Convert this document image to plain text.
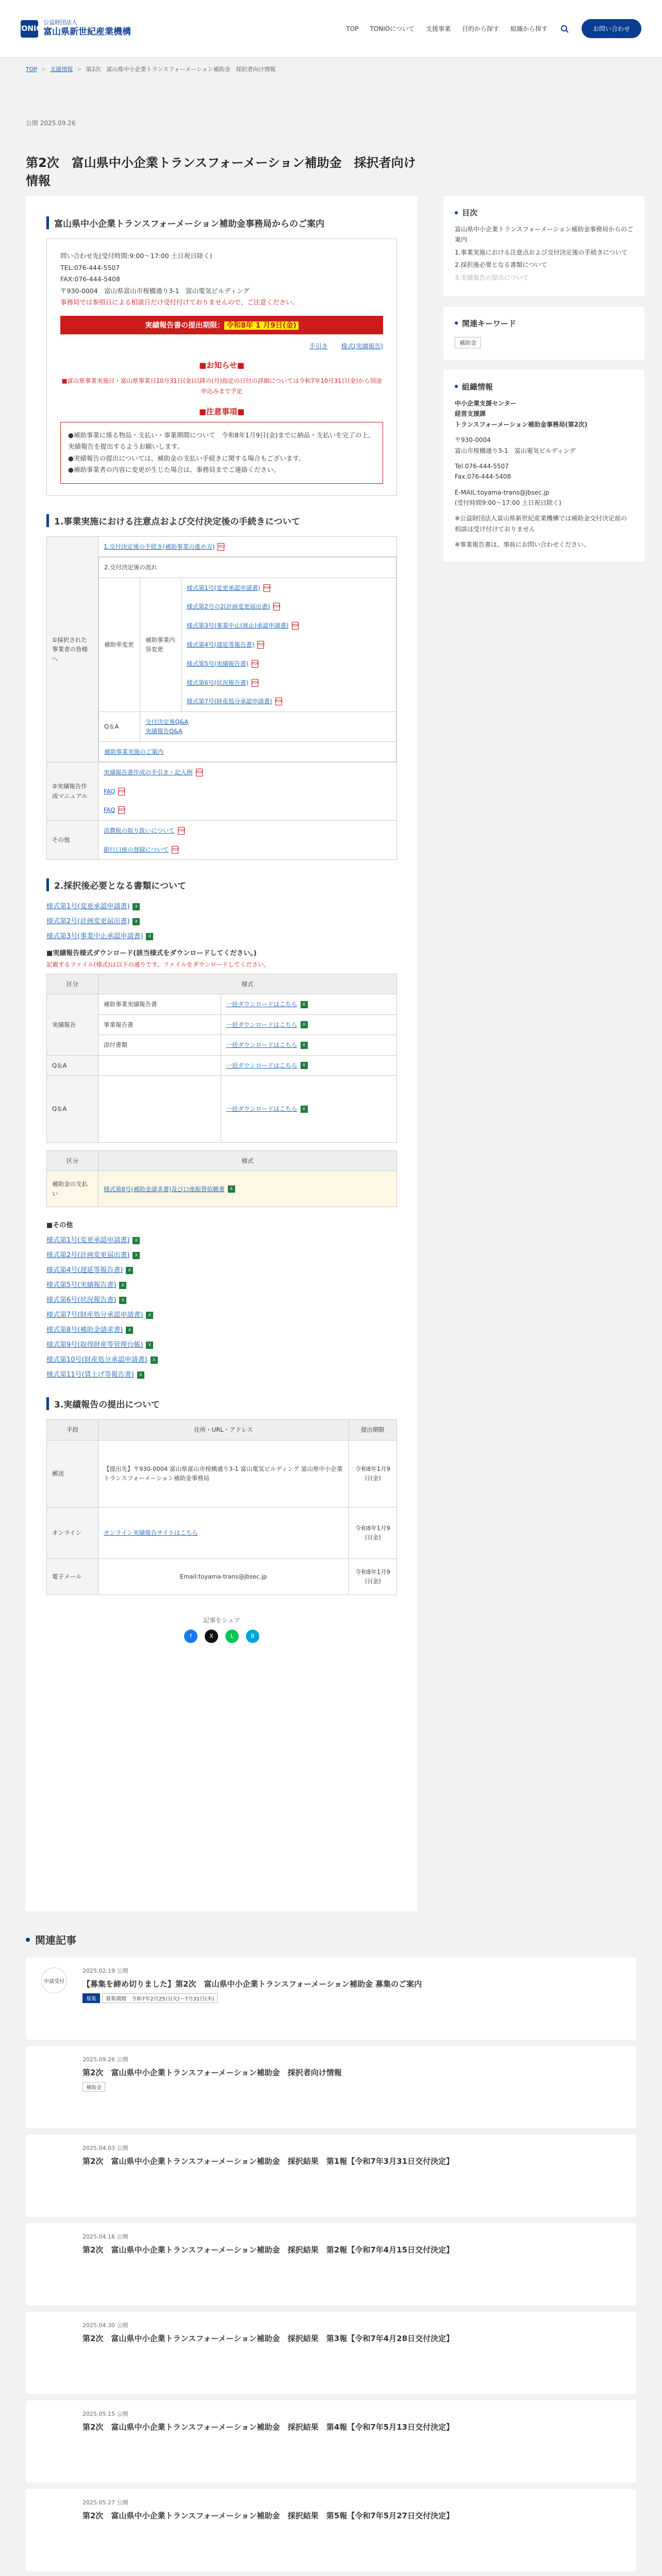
TONIO
公益財団法人
富山県新世紀産業機構	TOP TONIOについて 支援事業 目的から探す 組織から探す	お問い合わせ
TOP > 支援情報 > 第2次　富山県中小企業トランスフォーメーション補助金　採択者向け情報
公開 2025.09.26
第2次　富山県中小企業トランスフォーメーション補助金　採択者向け情報
富山県中小企業トランスフォーメーション補助金事務局からのご案内

問い合わせ先(受付時間:9:00〜17:00 土日祝日除く)

TEL:076-444-5507

FAX:076-444-5408

〒930-0004　富山県富山市桜橋通り3-1　富山電気ビルディング

事務局では参照日による相談日だけ受付付けておりませんので、ご注意ください。

実績報告書の提出期限： 令和8年 1 月9日(金)
手引き 様式(実績報告)
■お知らせ■

■富山県事業実施日・富山県事業日10月31日(金)以降の(月)指定の日付の詳細については令和7年10月31日(金)から別途申込みまで予定

■注意事項■

●補助事業に係る物品・支払い・事業期間について　令和8年1月9日(金)までに納品・支払いを完了の上、実績報告を提出するようお願いします。

●実績報告の提出については、補助金の支払い手続きに関する場合もございます。

●補助事業者の内容に変更が生じた場合は、事務局までご連絡ください。

1.事業実施における注意点および交付決定後の手続きについて
①採択された事業者の皆様へ	1.交付決定後の手続き(補助事業の進め方) PDF

2.交付決定後の流れ
補助率変更	補助事業内容変更	様式第1号(変更承認申請書) PDF

様式第2号の2(計画変更届出書) PDF

様式第3号(事業中止(廃止)承認申請書) PDF

様式第4号(遅延等報告書) PDF

様式第5号(実績報告書) PDF

様式第6号(状況報告書) PDF

様式第7号(財産処分承認申請書) PDF
Q＆A	交付決定後Q&A
実績報告Q&A
補助事業実施のご案内

②実績報告作成マニュアル	実績報告書作成の手引き・記入例 PDF

FAQ PDF

FAQ PDF
その他	消費税の取り扱いについて PDF

銀行口座の登録について PDF
2.採択後必要となる書類について
様式第1号(変更承認申請書) X
様式第2号(計画変更届出書) X
様式第3号(事業中止承認申請書) X

■実績報告様式ダウンロード(該当様式をダウンロードしてください。)

記載するファイル(様式)は以下の通りです。ファイルをダウンロードしてください。

区分	様式	
実績報告	補助事業実績報告書	一括ダウンロードはこちら X
	事業報告書	一括ダウンロードはこちら X
	添付書類	一括ダウンロードはこちら X
Q＆A		一括ダウンロードはこちら X
Q＆A		一括ダウンロードはこちら X

区分	様式
補助金の支払い	様式第8号(補助金請求書)及び口座振替依頼書 X

■その他

様式第1号(変更承認申請書) X
様式第2号(計画変更届出書) X
様式第4号(遅延等報告書) X
様式第5号(実績報告書) X
様式第6号(状況報告書) X
様式第7号(財産処分承認申請書) X
様式第8号(補助金請求書) X
様式第9号(取得財産等管理台帳) X
様式第10号(財産処分承認申請書) X
様式第11号(賃上げ等報告書) X
3.実績報告の提出について
手段	住所・URL・アドレス	提出期限
郵送	【提出先】〒930-0004 富山県富山市桜橋通り3-1 富山電気ビルディング 富山県中小企業トランスフォーメーション補助金事務局	令和8年1月9日(金)
オンライン	オンライン実績報告サイトはこちら	令和8年1月9日(金)
電子メール	Email:toyama-trans@jbsec.jp	令和8年1月9日(金)
記事をシェア
f	X	L	B
目次
富山県中小企業トランスフォーメーション補助金事務局からのご案内
1.事業実施における注意点および交付決定後の手続きについて
2.採択後必要となる書類について
3.実績報告の提出について
関連キーワード
補助金
組織情報

中小企業支援センター

経営支援課

トランスフォーメーション補助金事務局(第2次)

〒930-0004

富山市桜橋通り3-1　富山電気ビルディング

Tel.076-444-5507

Fax.076-444-5408

E-MAIL:toyama-trans@jbsec.jp

(受付時間9:00〜17:00 土日祝日除く)

※公益財団法人富山県新世紀産業機構では補助金交付決定前の相談は受け付けておりません

※事業報告書は、事前にお問い合わせください。

関連記事
申請受付
2025.02.19 公開
【募集を締め切りました】第2次　富山県中小企業トランスフォーメーション補助金 募集のご案内
募集 募集期間　令和7年2月25日(火)〜7月31日(木)
2025.09.26 公開
第2次　富山県中小企業トランスフォーメーション補助金　採択者向け情報
補助金
2025.04.03 公開
第2次　富山県中小企業トランスフォーメーション補助金　採択結果　第1報【令和7年3月31日交付決定】
2025.04.16 公開
第2次　富山県中小企業トランスフォーメーション補助金　採択結果　第2報【令和7年4月15日交付決定】
2025.04.30 公開
第2次　富山県中小企業トランスフォーメーション補助金　採択結果　第3報【令和7年4月28日交付決定】
2025.05.15 公開
第2次　富山県中小企業トランスフォーメーション補助金　採択結果　第4報【令和7年5月13日交付決定】
2025.05.27 公開
第2次　富山県中小企業トランスフォーメーション補助金　採択結果　第5報【令和7年5月27日交付決定】
